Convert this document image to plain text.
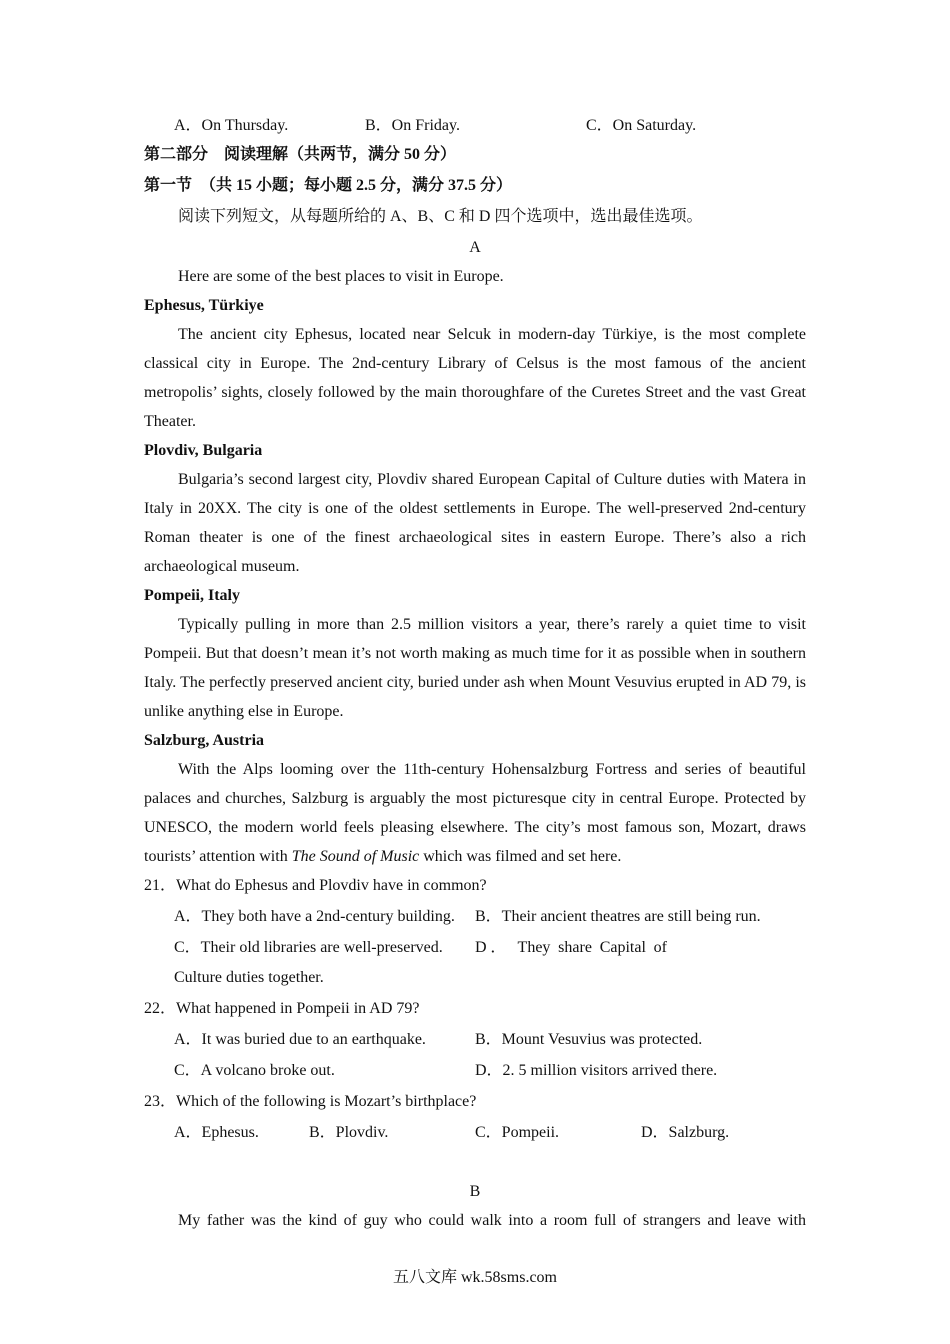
A．On Thursday.	B．On Friday.	C．On Saturday.
第二部分　阅读理解（共两节，满分 50 分）
第一节　（共 15 小题；每小题 2.5 分，满分 37.5 分）
阅读下列短文，从每题所给的 A、B、C 和 D 四个选项中，选出最佳选项。
A
Here are some of the best places to visit in Europe.
Ephesus, Türkiye
The ancient city Ephesus, located near Selcuk in modern-day Türkiye, is the most complete classical city in Europe. The 2nd-century Library of Celsus is the most famous of the ancient metropolis’ sights, closely followed by the main thoroughfare of the Curetes Street and the vast Great Theater.
Plovdiv, Bulgaria
Bulgaria’s second largest city, Plovdiv shared European Capital of Culture duties with Matera in Italy in 20XX. The city is one of the oldest settlements in Europe. The well-preserved 2nd-century Roman theater is one of the finest archaeological sites in eastern Europe. There’s also a rich archaeological museum.
Pompeii, Italy
Typically pulling in more than 2.5 million visitors a year, there’s rarely a quiet time to visit Pompeii. But that doesn’t mean it’s not worth making as much time for it as possible when in southern Italy. The perfectly preserved ancient city, buried under ash when Mount Vesuvius erupted in AD 79, is unlike anything else in Europe.
Salzburg, Austria
With the Alps looming over the 11th-century Hohensalzburg Fortress and series of beautiful palaces and churches, Salzburg is arguably the most picturesque city in central Europe. Protected by UNESCO, the modern world feels pleasing elsewhere. The city’s most famous son, Mozart, draws tourists’ attention with The Sound of Music which was filmed and set here.
21．What do Ephesus and Plovdiv have in common?
A．They both have a 2nd-century building. B．Their ancient theatres are still being run.
C．Their old libraries are well-preserved.	D． They share Capital of Culture duties together.
22．What happened in Pompeii in AD 79?
A．It was buried due to an earthquake.	B．Mount Vesuvius was protected.
C．A volcano broke out.	D．2. 5 million visitors arrived there.
23．Which of the following is Mozart’s birthplace?
A．Ephesus.	B．Plovdiv.	C．Pompeii.	D．Salzburg.
B
My father was the kind of guy who could walk into a room full of strangers and leave with
五八文库 wk.58sms.com
